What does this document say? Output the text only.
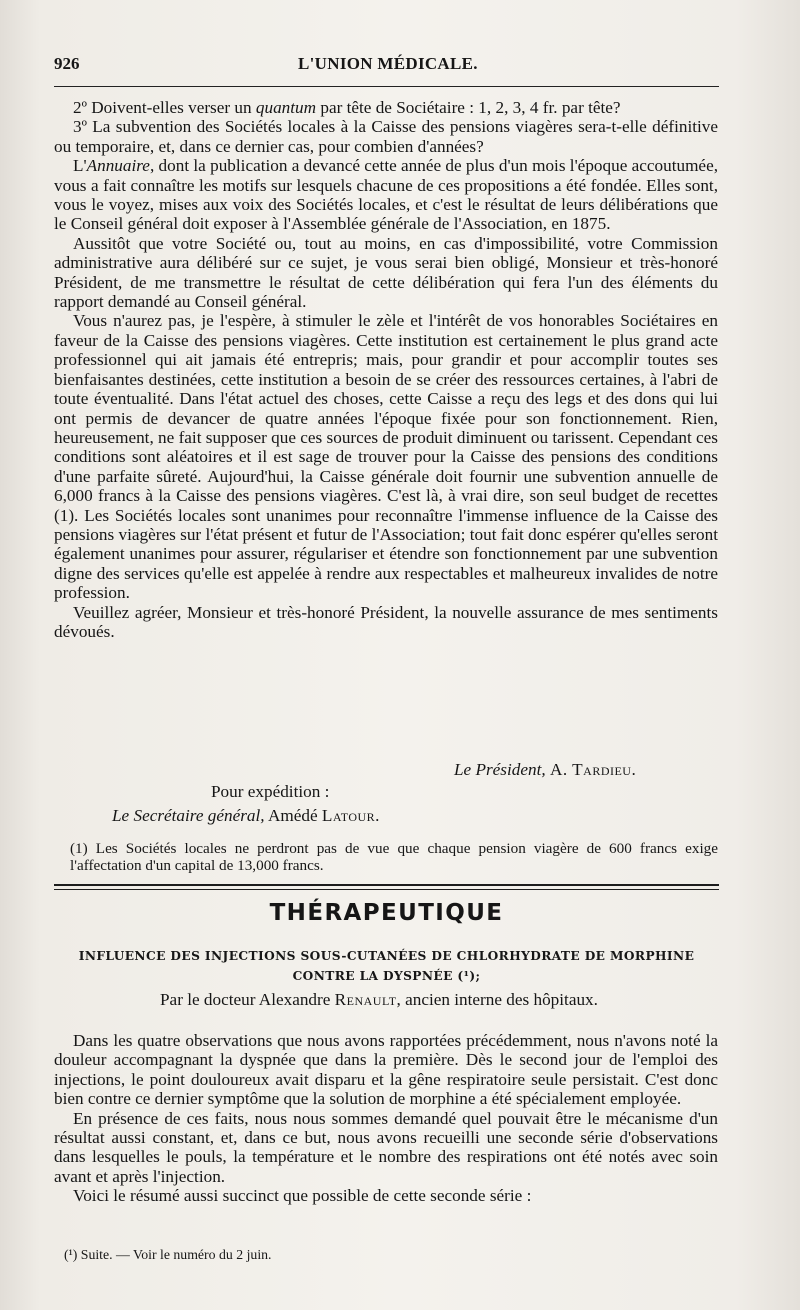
926	L'UNION MÉDICALE.

2º Doivent-elles verser un quantum par tête de Sociétaire : 1, 2, 3, 4 fr. par tête?

3º La subvention des Sociétés locales à la Caisse des pensions viagères sera-t-elle définitive ou temporaire, et, dans ce dernier cas, pour combien d'années?

L'Annuaire, dont la publication a devancé cette année de plus d'un mois l'époque accoutumée, vous a fait connaître les motifs sur lesquels chacune de ces propositions a été fondée. Elles sont, vous le voyez, mises aux voix des Sociétés locales, et c'est le résultat de leurs délibérations que le Conseil général doit exposer à l'Assemblée générale de l'Association, en 1875.

Aussitôt que votre Société ou, tout au moins, en cas d'impossibilité, votre Commission administrative aura délibéré sur ce sujet, je vous serai bien obligé, Monsieur et très-honoré Président, de me transmettre le résultat de cette délibération qui fera l'un des éléments du rapport demandé au Conseil général.

Vous n'aurez pas, je l'espère, à stimuler le zèle et l'intérêt de vos honorables Sociétaires en faveur de la Caisse des pensions viagères. Cette institution est certainement le plus grand acte professionnel qui ait jamais été entrepris; mais, pour grandir et pour accomplir toutes ses bienfaisantes destinées, cette institution a besoin de se créer des ressources certaines, à l'abri de toute éventualité. Dans l'état actuel des choses, cette Caisse a reçu des legs et des dons qui lui ont permis de devancer de quatre années l'époque fixée pour son fonctionnement. Rien, heureusement, ne fait supposer que ces sources de produit diminuent ou tarissent. Cependant ces conditions sont aléatoires et il est sage de trouver pour la Caisse des pensions des conditions d'une parfaite sûreté. Aujourd'hui, la Caisse générale doit fournir une subvention annuelle de 6,000 francs à la Caisse des pensions viagères. C'est là, à vrai dire, son seul budget de recettes (1). Les Sociétés locales sont unanimes pour reconnaître l'immense influence de la Caisse des pensions viagères sur l'état présent et futur de l'Association; tout fait donc espérer qu'elles seront également unanimes pour assurer, régulariser et étendre son fonctionnement par une subvention digne des services qu'elle est appelée à rendre aux respectables et malheureux invalides de notre profession.

Veuillez agréer, Monsieur et très-honoré Président, la nouvelle assurance de mes sentiments dévoués.

Le Président, A. Tardieu.
Pour expédition :
Le Secrétaire général, Amédé Latour.

(1) Les Sociétés locales ne perdront pas de vue que chaque pension viagère de 600 francs exige l'affectation d'un capital de 13,000 francs.

THÉRAPEUTIQUE
INFLUENCE DES INJECTIONS SOUS-CUTANÉES DE CHLORHYDRATE DE MORPHINE
CONTRE LA DYSPNÉE (¹);
Par le docteur Alexandre Renault, ancien interne des hôpitaux.

Dans les quatre observations que nous avons rapportées précédemment, nous n'avons noté la douleur accompagnant la dyspnée que dans la première. Dès le second jour de l'emploi des injections, le point douloureux avait disparu et la gêne respiratoire seule persistait. C'est donc bien contre ce dernier symptôme que la solution de morphine a été spécialement employée.

En présence de ces faits, nous nous sommes demandé quel pouvait être le mécanisme d'un résultat aussi constant, et, dans ce but, nous avons recueilli une seconde série d'observations dans lesquelles le pouls, la température et le nombre des respirations ont été notés avec soin avant et après l'injection.

Voici le résumé aussi succinct que possible de cette seconde série :

(¹) Suite. — Voir le numéro du 2 juin.
